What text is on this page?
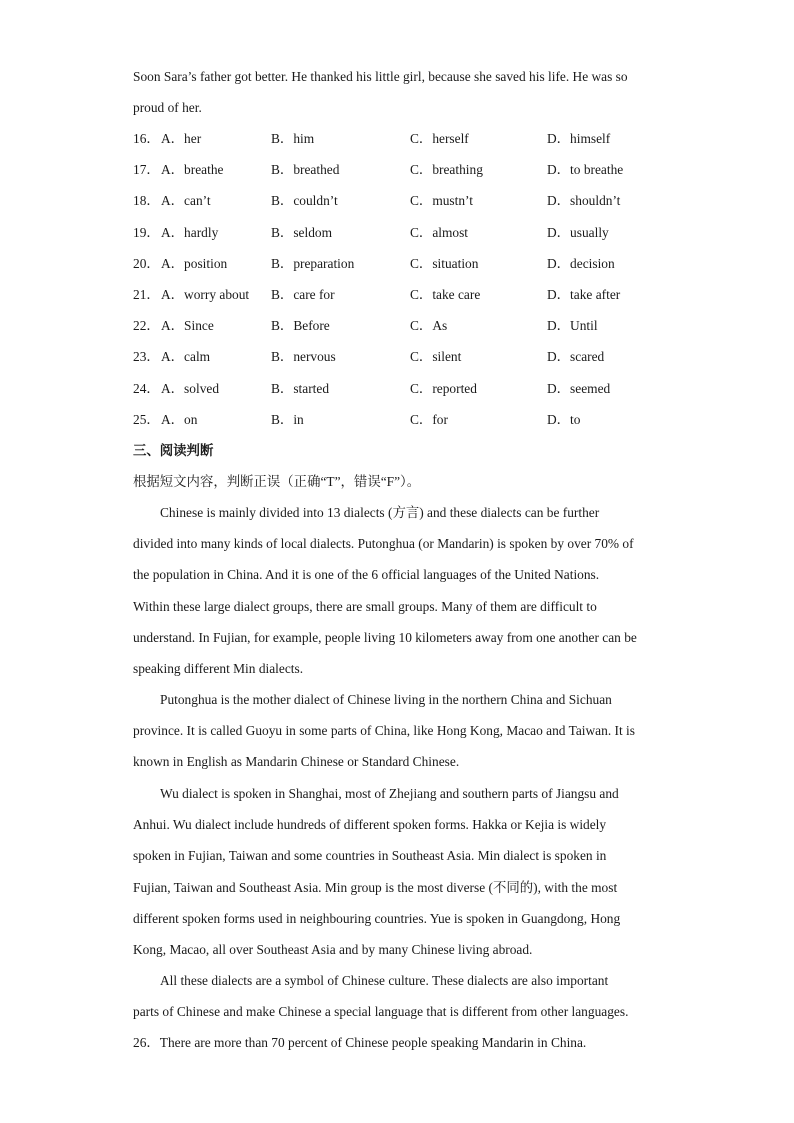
Soon Sara’s father got better. He thanked his little girl, because she saved his life. He was so
proud of her.
16． A．her	B．him	C．herself	D．himself
17． A．breathe	B．breathed	C．breathing	D．to breathe
18． A．can’t	B．couldn’t	C．mustn’t	D．shouldn’t
19． A．hardly	B．seldom	C．almost	D．usually
20． A．position	B．preparation	C．situation	D．decision
21． A．worry about B．care for	C．take care	D．take after
22． A．Since	B．Before	C．As	D．Until
23． A．calm	B．nervous	C．silent	D．scared
24． A．solved	B．started	C．reported	D．seemed
25． A．on	B．in	C．for	D．to
三、阅读判断
根据短文内容，判断正误（正确“T”，错误“F”）。
Chinese is mainly divided into 13 dialects (方言) and these dialects can be further
divided into many kinds of local dialects. Putonghua (or Mandarin) is spoken by over 70% of
the population in China. And it is one of the 6 official languages of the United Nations.
Within these large dialect groups, there are small groups. Many of them are difficult to
understand. In Fujian, for example, people living 10 kilometers away from one another can be
speaking different Min dialects.
Putonghua is the mother dialect of Chinese living in the northern China and Sichuan
province. It is called Guoyu in some parts of China, like Hong Kong, Macao and Taiwan. It is
known in English as Mandarin Chinese or Standard Chinese.
Wu dialect is spoken in Shanghai, most of Zhejiang and southern parts of Jiangsu and
Anhui. Wu dialect include hundreds of different spoken forms. Hakka or Kejia is widely
spoken in Fujian, Taiwan and some countries in Southeast Asia. Min dialect is spoken in
Fujian, Taiwan and Southeast Asia. Min group is the most diverse (不同的), with the most
different spoken forms used in neighbouring countries. Yue is spoken in Guangdong, Hong
Kong, Macao, all over Southeast Asia and by many Chinese living abroad.
All these dialects are a symbol of Chinese culture. These dialects are also important
parts of Chinese and make Chinese a special language that is different from other languages.
26．There are more than 70 percent of Chinese people speaking Mandarin in China.
